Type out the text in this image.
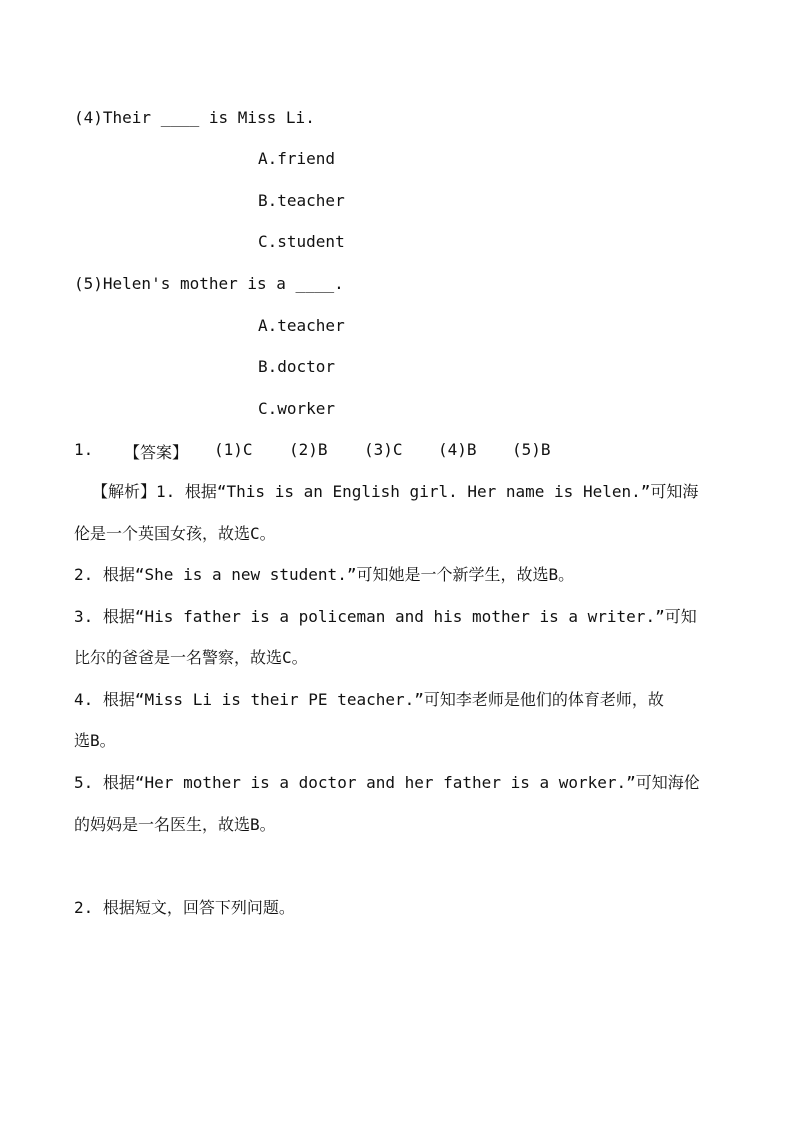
(4)Their ____ is Miss Li.
A.friend
B.teacher
C.student
(5)Helen's mother is a ____.
A.teacher
B.doctor
C.worker
1. 【答案】 (1)C (2)B (3)C (4)B (5)B
【解析】1. 根据“This is an English girl. Her name is Helen.”可知海
伦是一个英国女孩，故选C。
2. 根据“She is a new student.”可知她是一个新学生，故选B。
3. 根据“His father is a policeman and his mother is a writer.”可知
比尔的爸爸是一名警察，故选C。
4. 根据“Miss Li is their PE teacher.”可知李老师是他们的体育老师，故
选B。
5. 根据“Her mother is a doctor and her father is a worker.”可知海伦
的妈妈是一名医生，故选B。
2. 根据短文，回答下列问题。
